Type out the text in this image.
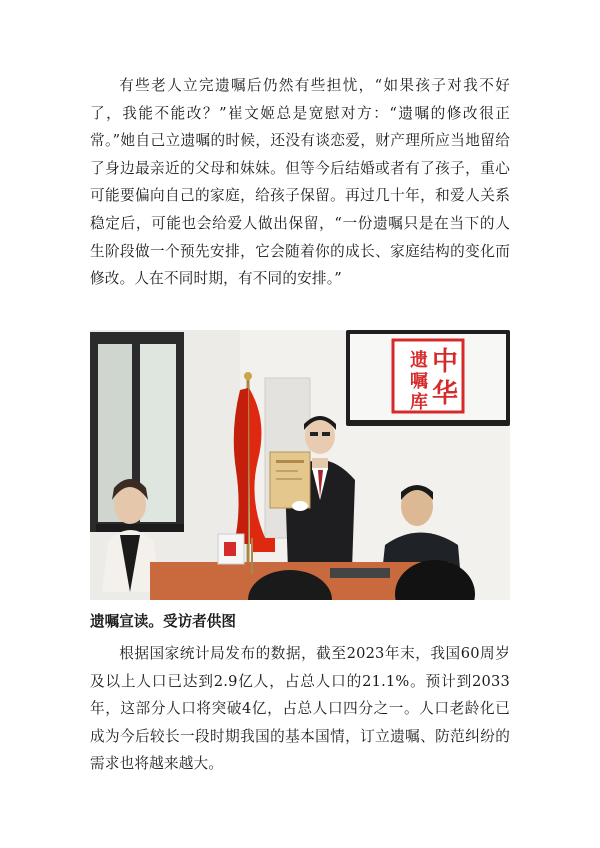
有些老人立完遗嘱后仍然有些担忧，“如果孩子对我不好了，我能不能改？”崔文姬总是宽慰对方：“遗嘱的修改很正常。”她自己立遗嘱的时候，还没有谈恋爱，财产理所应当地留给了身边最亲近的父母和妹妹。但等今后结婚或者有了孩子，重心可能要偏向自己的家庭，给孩子保留。再过几十年，和爱人关系稳定后，可能也会给爱人做出保留，“一份遗嘱只是在当下的人生阶段做一个预先安排，它会随着你的成长、家庭结构的变化而修改。人在不同时期，有不同的安排。”

遗
嘱
库
中
华

遗嘱宣读。受访者供图

根据国家统计局发布的数据，截至2023年末，我国60周岁及以上人口已达到2.9亿人，占总人口的21.1%。预计到2033年，这部分人口将突破4亿，占总人口四分之一。人口老龄化已成为今后较长一段时期我国的基本国情，订立遗嘱、防范纠纷的需求也将越来越大。
